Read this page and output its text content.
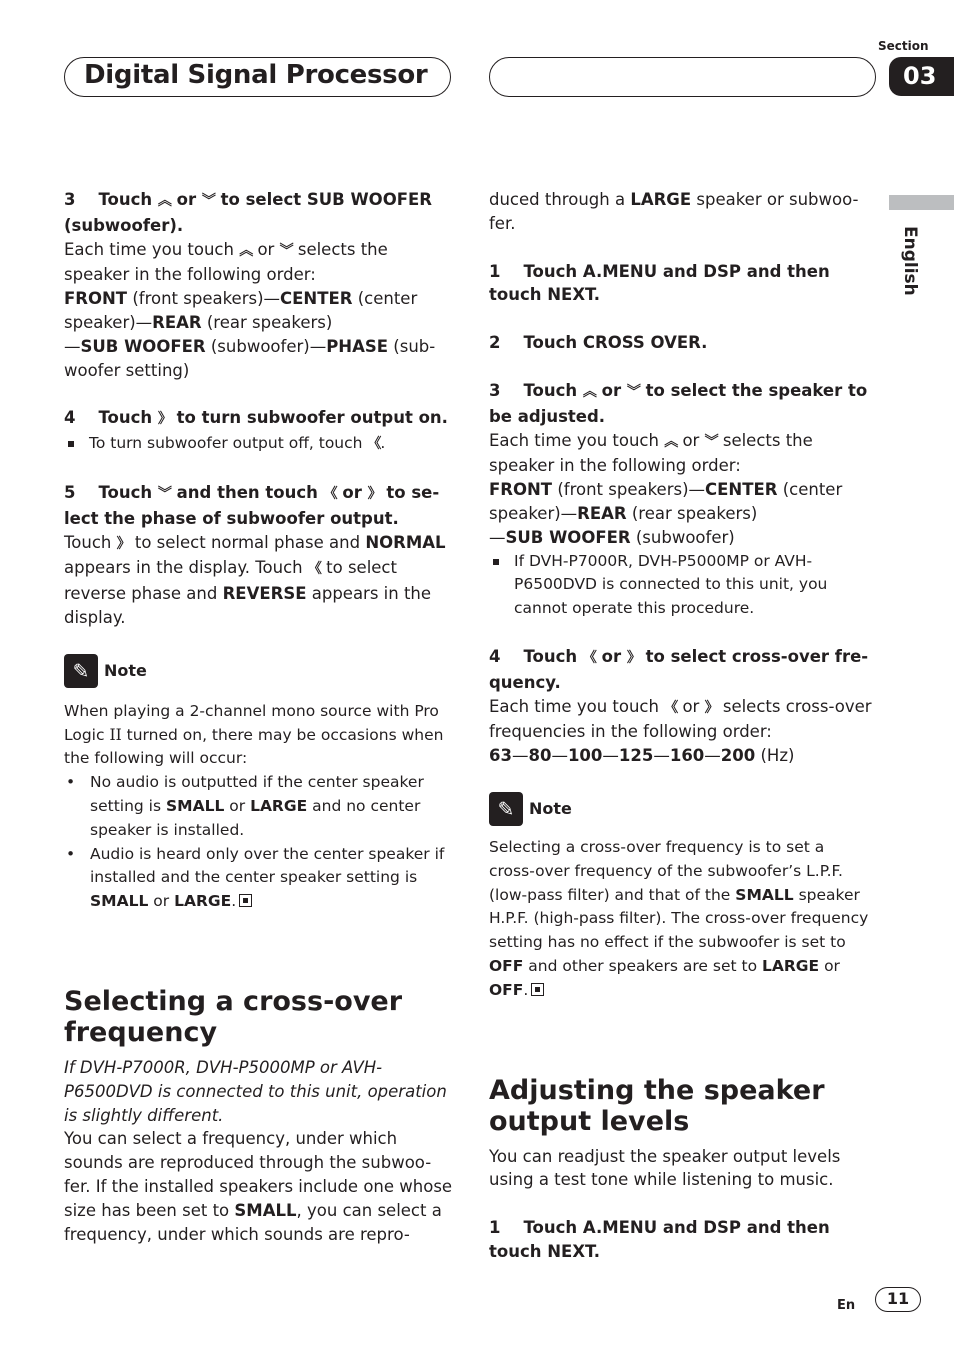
Digital Signal Processor
Section
03
English

3 Touch ︽ or ︾ to select SUB WOOFER (subwoofer).

Each time you touch ︽ or ︾ selects the speaker in the following order:
FRONT (front speakers)—CENTER (center speaker)—REAR (rear speakers)
—SUB WOOFER (subwoofer)—PHASE (sub-woofer setting)

4 Touch 》 to turn subwoofer output on.

To turn subwoofer output off, touch 《.

5 Touch ︾ and then touch 《 or 》 to se-lect the phase of subwoofer output.

Touch 》 to select normal phase and NORMAL appears in the display. Touch 《 to select reverse phase and REVERSE appears in the display.

✎ Note

When playing a 2-channel mono source with Pro Logic II turned on, there may be occasions when the following will occur:

• No audio is outputted if the center speaker setting is SMALL or LARGE and no center speaker is installed.

• Audio is heard only over the center speaker if installed and the center speaker setting is SMALL or LARGE.

Selecting a cross-over frequency

If DVH-P7000R, DVH-P5000MP or AVH-P6500DVD is connected to this unit, operation is slightly different.

You can select a frequency, under which sounds are reproduced through the subwoo-fer. If the installed speakers include one whose size has been set to SMALL, you can select a frequency, under which sounds are repro-

duced through a LARGE speaker or subwoo-fer.

1 Touch A.MENU and DSP and then touch NEXT.

2 Touch CROSS OVER.

3 Touch ︽ or ︾ to select the speaker to be adjusted.

Each time you touch ︽ or ︾ selects the speaker in the following order:
FRONT (front speakers)—CENTER (center speaker)—REAR (rear speakers)
—SUB WOOFER (subwoofer)

If DVH-P7000R, DVH-P5000MP or AVH-P6500DVD is connected to this unit, you cannot operate this procedure.

4 Touch 《 or 》 to select cross-over fre-quency.

Each time you touch 《 or 》 selects cross-over frequencies in the following order:
63—80—100—125—160—200 (Hz)

✎ Note

Selecting a cross-over frequency is to set a cross-over frequency of the subwoofer’s L.P.F. (low-pass filter) and that of the SMALL speaker H.P.F. (high-pass filter). The cross-over frequency setting has no effect if the subwoofer is set to OFF and other speakers are set to LARGE or OFF.

Adjusting the speaker output levels

You can readjust the speaker output levels using a test tone while listening to music.

1 Touch A.MENU and DSP and then touch NEXT.

En	11
